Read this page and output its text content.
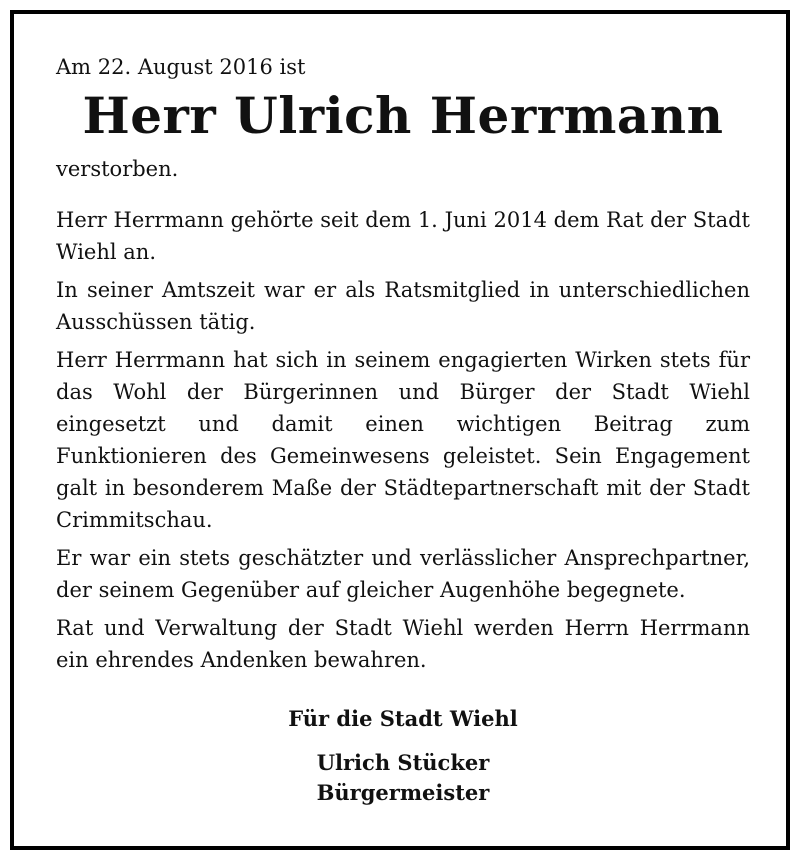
Am 22. August 2016 ist

Herr Ulrich Herrmann

verstorben.

Herr Herrmann gehörte seit dem 1. Juni 2014 dem Rat der Stadt Wiehl an.

In seiner Amtszeit war er als Ratsmitglied in unterschiedlichen Ausschüssen tätig.

Herr Herrmann hat sich in seinem engagierten Wirken stets für das Wohl der Bürgerinnen und Bürger der Stadt Wiehl eingesetzt und damit einen wichtigen Beitrag zum Funktionieren des Gemeinwesens geleistet. Sein Engagement galt in besonderem Maße der Städtepartnerschaft mit der Stadt Crimmitschau.

Er war ein stets geschätzter und verlässlicher Ansprechpartner, der seinem Gegenüber auf gleicher Augenhöhe begegnete.

Rat und Verwaltung der Stadt Wiehl werden Herrn Herrmann ein ehrendes Andenken bewahren.

Für die Stadt Wiehl
Ulrich Stücker
Bürgermeister
